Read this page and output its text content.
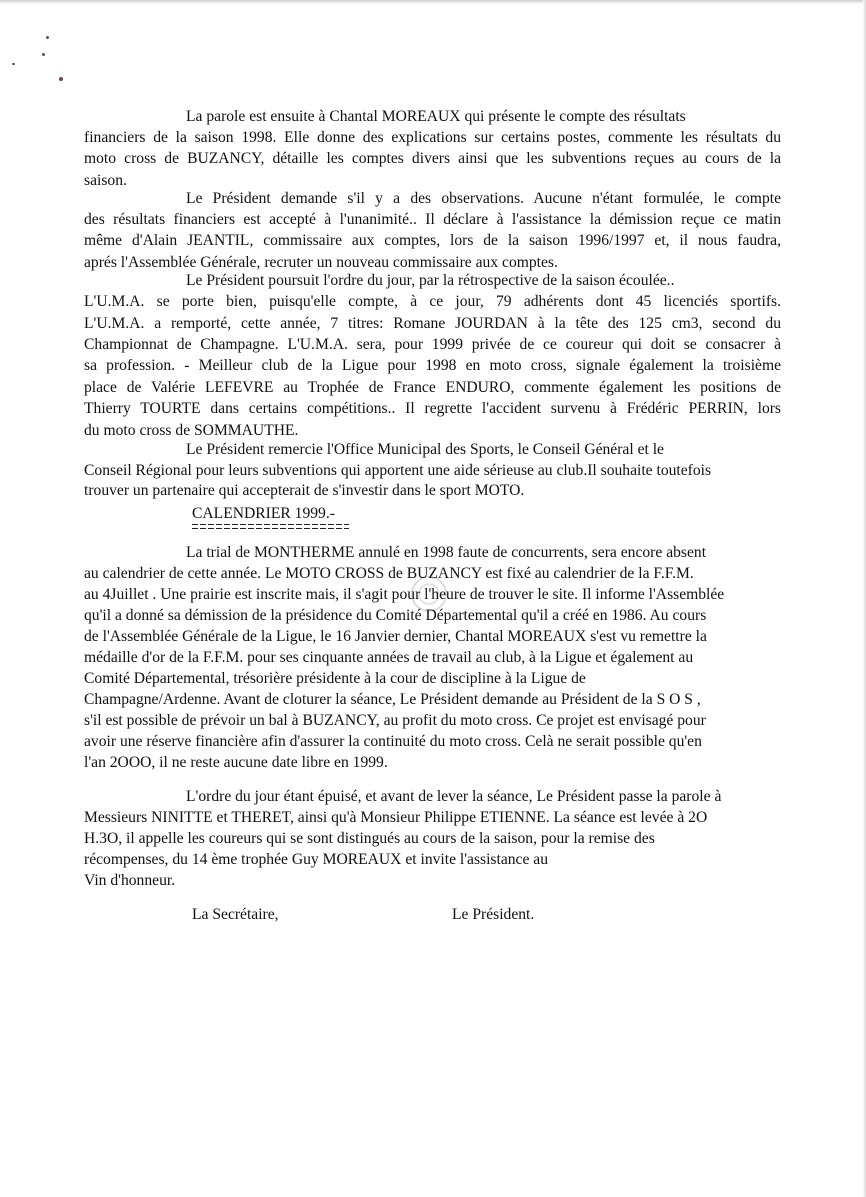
La parole est ensuite à Chantal MOREAUX qui présente le compte des résultats
financiers de la saison 1998. Elle donne des explications sur certains postes, commente les résultats du
moto cross de BUZANCY, détaille les comptes divers ainsi que les subventions reçues au cours de la
saison.
Le Président demande s'il y a des observations. Aucune n'étant formulée, le compte
des résultats financiers est accepté à l'unanimité.. Il déclare à l'assistance la démission reçue ce matin
même d'Alain JEANTIL, commissaire aux comptes, lors de la saison 1996/1997 et, il nous faudra,
aprés l'Assemblée Générale, recruter un nouveau commissaire aux comptes.
Le Président poursuit l'ordre du jour, par la rétrospective de la saison écoulée..
L'U.M.A. se porte bien, puisqu'elle compte, à ce jour, 79 adhérents dont 45 licenciés sportifs.
L'U.M.A. a remporté, cette année, 7 titres: Romane JOURDAN à la tête des 125 cm3, second du
Championnat de Champagne. L'U.M.A. sera, pour 1999 privée de ce coureur qui doit se consacrer à
sa profession. - Meilleur club de la Ligue pour 1998 en moto cross, signale également la troisième
place de Valérie LEFEVRE au Trophée de France ENDURO, commente également les positions de
Thierry TOURTE dans certains compétitions.. Il regrette l'accident survenu à Frédéric PERRIN, lors
du moto cross de SOMMAUTHE.
Le Président remercie l'Office Municipal des Sports, le Conseil Général et le
Conseil Régional pour leurs subventions qui apportent une aide sérieuse au club.Il souhaite toutefois
trouver un partenaire qui accepterait de s'investir dans le sport MOTO.
CALENDRIER 1999.-
La trial de MONTHERME annulé en 1998 faute de concurrents, sera encore absent
au calendrier de cette année. Le MOTO CROSS de BUZANCY est fixé au calendrier de la F.F.M.
au 4Juillet . Une prairie est inscrite mais, il s'agit pour l'heure de trouver le site. Il informe l'Assemblée
qu'il a donné sa démission de la présidence du Comité Départemental qu'il a créé en 1986. Au cours
de l'Assemblée Générale de la Ligue, le 16 Janvier dernier, Chantal MOREAUX s'est vu remettre la
médaille d'or de la F.F.M. pour ses cinquante années de travail au club, à la Ligue et également au
Comité Départemental, trésorière présidente à la cour de discipline à la Ligue de
Champagne/Ardenne. Avant de cloturer la séance, Le Président demande au Président de la S O S ,
s'il est possible de prévoir un bal à BUZANCY, au profit du moto cross. Ce projet est envisagé pour
avoir une réserve financière afin d'assurer la continuité du moto cross. Celà ne serait possible qu'en
l'an 2OOO, il ne reste aucune date libre en 1999.
L'ordre du jour étant épuisé, et avant de lever la séance, Le Président passe la parole à
Messieurs NINITTE et THERET, ainsi qu'à Monsieur Philippe ETIENNE. La séance est levée à 2O
H.3O, il appelle les coureurs qui se sont distingués au cours de la saison, pour la remise des
récompenses, du 14 ème trophée Guy MOREAUX et invite l'assistance au
Vin d'honneur.
La Secrétaire,	Le Président.
